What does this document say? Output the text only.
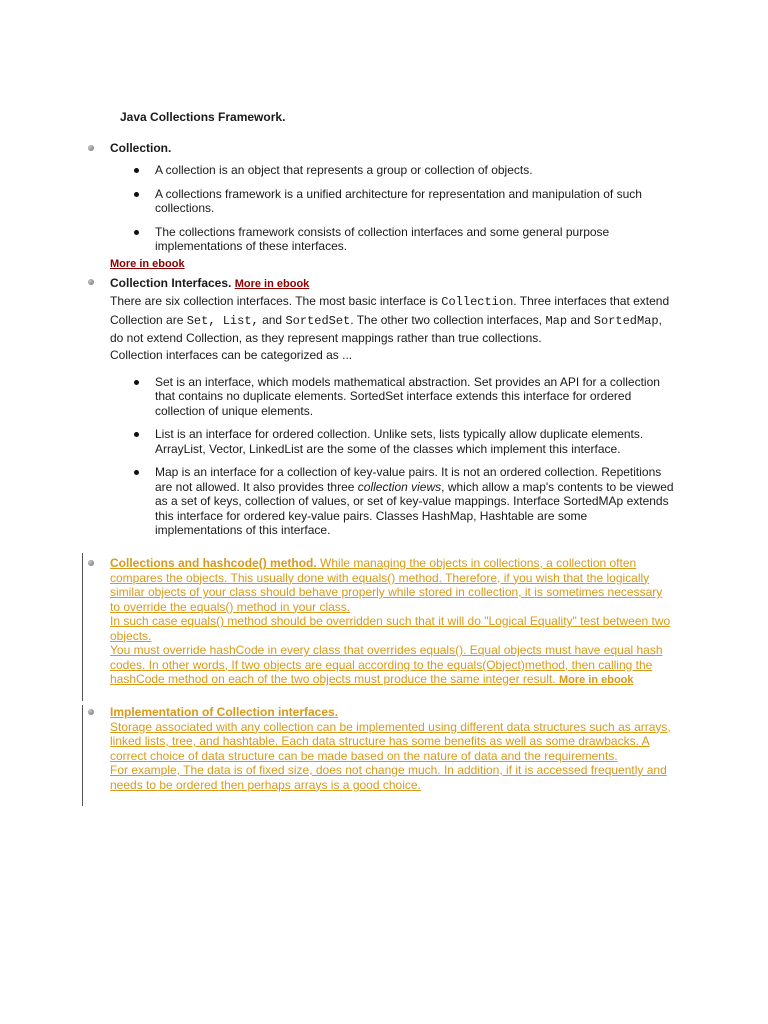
Java Collections Framework.
Collection.
A collection is an object that represents a group or collection of objects.
A collections framework is a unified architecture for representation and manipulation of such collections.
The collections framework consists of collection interfaces and some general purpose implementations of these interfaces.
More in ebook
Collection Interfaces. More in ebook
There are six collection interfaces. The most basic interface is Collection. Three interfaces that extend Collection are Set, List, and SortedSet. The other two collection interfaces, Map and SortedMap, do not extend Collection, as they represent mappings rather than true collections.
Collection interfaces can be categorized as ...
Set is an interface, which models mathematical abstraction. Set provides an API for a collection that contains no duplicate elements. SortedSet interface extends this interface for ordered collection of unique elements.
List is an interface for ordered collection. Unlike sets, lists typically allow duplicate elements. ArrayList, Vector, LinkedList are the some of the classes which implement this interface.
Map is an interface for a collection of key-value pairs. It is not an ordered collection. Repetitions are not allowed. It also provides three collection views, which allow a map's contents to be viewed as a set of keys, collection of values, or set of key-value mappings. Interface SortedMAp extends this interface for ordered key-value pairs. Classes HashMap, Hashtable are some implementations of this interface.
Collections and hashcode() method. While managing the objects in collections, a collection often compares the objects. This usually done with equals() method. Therefore, if you wish that the logically similar objects of your class should behave properly while stored in collection, it is sometimes necessary to override the equals() method in your class.
In such case equals() method should be overridden such that it will do "Logical Equality" test between two objects.
You must override hashCode in every class that overrides equals(). Equal objects must have equal hash codes. In other words, If two objects are equal according to the equals(Object)method, then calling the hashCode method on each of the two objects must produce the same integer result. More in ebook
Implementation of Collection interfaces.
Storage associated with any collection can be implemented using different data structures such as arrays, linked lists, tree, and hashtable. Each data structure has some benefits as well as some drawbacks. A correct choice of data structure can be made based on the nature of data and the requirements.
For example, The data is of fixed size, does not change much. In addition, if it is accessed frequently and needs to be ordered then perhaps arrays is a good choice.
